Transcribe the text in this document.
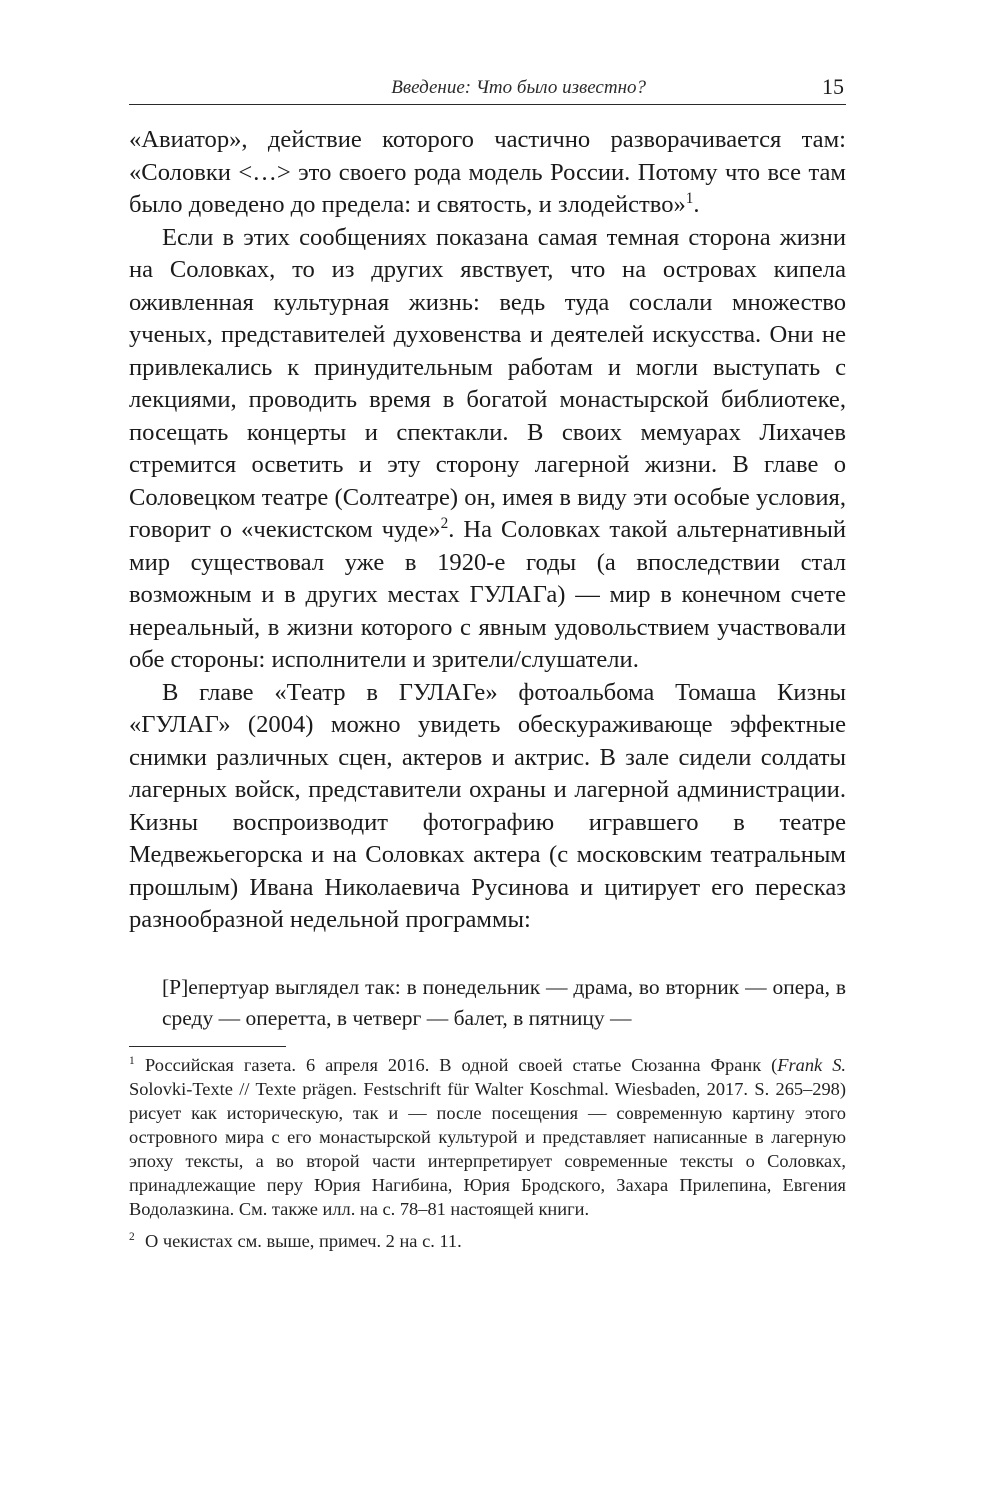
Введение: Что было известно?	15

«Авиатор», действие которого частично разворачивается там: «Соловки <…> это своего рода модель России. Потому что все там было доведено до предела: и святость, и злодейство»$^1$.

Если в этих сообщениях показана самая темная сторона жизни на Соловках, то из других явствует, что на островах кипела оживленная культурная жизнь: ведь туда сослали множество ученых, представителей духовенства и деятелей искусства. Они не привлекались к принудительным работам и могли выступать с лекциями, проводить время в богатой монастырской библиотеке, посещать концерты и спектакли. В своих мемуарах Лихачев стремится осветить и эту сторону лагерной жизни. В главе о Соловецком театре (Солтеатре) он, имея в виду эти особые условия, говорит о «чекистском чуде»$^2$. На Соловках такой альтернативный мир существовал уже в 1920-е годы (а впоследствии стал возможным и в других местах ГУЛАГа) — мир в конечном счете нереальный, в жизни которого с явным удовольствием участвовали обе стороны: исполнители и зрители/слушатели.

В главе «Театр в ГУЛАГе» фотоальбома Томаша Кизны «ГУЛАГ» (2004) можно увидеть обескураживающе эффектные снимки различных сцен, актеров и актрис. В зале сидели солдаты лагерных войск, представители охраны и лагерной администрации. Кизны воспроизводит фотографию игравшего в театре Медвежьегорска и на Соловках актера (с московским театральным прошлым) Ивана Николаевича Русинова и цитирует его пересказ разнообразной недельной программы:

[Р]епертуар выглядел так: в понедельник — драма, во вторник — опера, в среду — оперетта, в четверг — балет, в пятницу —

$^1$ Российская газета. 6 апреля 2016. В одной своей статье Сюзанна Франк (Frank S. Solovki-Texte // Texte prägen. Festschrift für Walter Koschmal. Wiesbaden, 2017. S. 265–298) рисует как историческую, так и — после посещения — современную картину этого островного мира с его монастырской культурой и представляет написанные в лагерную эпоху тексты, а во второй части интерпретирует современные тексты о Соловках, принадлежащие перу Юрия Нагибина, Юрия Бродского, Захара Прилепина, Евгения Водолазкина. См. также илл. на с. 78–81 настоящей книги.

$^2$ О чекистах см. выше, примеч. 2 на с. 11.
